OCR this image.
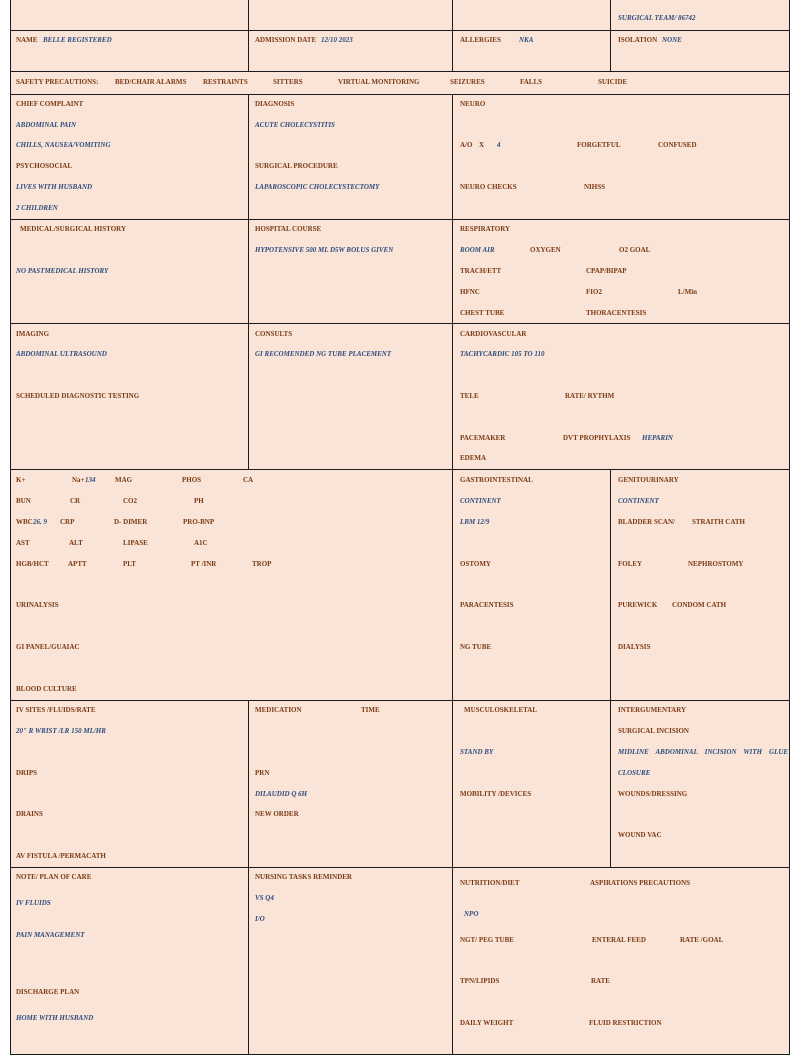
SURGICAL TEAM/ 86742
NAME BELLE REGISTERED	ADMISSION DATE 12/10 2023	ALLERGIES	NKA	ISOLATION NONE
SAFETY PRECAUTIONS: BED/CHAIR ALARMS RESTRAINTS	SITTERS	VIRTUAL MONITORING	SEIZURES	FALLS	SUICIDE
CHIEF COMPLAINT
ABDOMINAL PAIN
CHILLS, NAUSEA/VOMITING
PSYCHOSOCIAL
LIVES WITH HUSBAND
2 CHILDREN
DIAGNOSIS
ACUTE CHOLECYSTITIS
SURGICAL PROCEDURE
LAPAROSCOPIC CHOLECYSTECTOMY
NEURO
A/O X 4	FORGETFUL	CONFUSED
NEURO CHECKS	NIHSS
MEDICAL/SURGICAL HISTORY
NO PASTMEDICAL HISTORY
HOSPITAL COURSE
HYPOTENSIVE 500 ML D5W BOLUS GIVEN
RESPIRATORY
ROOM AIR	OXYGEN	O2 GOAL
TRACH/ETT	CPAP/BIPAP
HFNC	FIO2	L/Min
CHEST TUBE	THORACENTESIS
IMAGING
ABDOMINAL ULTRASOUND
SCHEDULED DIAGNOSTIC TESTING
CONSULTS
GI RECOMENDED NG TUBE PLACEMENT
CARDIOVASCULAR
TACHYCARDIC 105 TO 110
TELE	RATE/ RYTHM
PACEMAKER	DVT PROPHYLAXIS HEPARIN
EDEMA
K+	Na+ 134	MAG	PHOS	CA
BUN	CR	CO2	PH
WBC 26. 9 CRP	D- DIMER	PRO-BNP
AST	ALT	LIPASE	A1C
HGB/HCT	APTT	PLT	PT /INR	TROP
URINALYSIS
GI PANEL/GUAIAC
BLOOD CULTURE
GASTROINTESTINAL
CONTINENT
LBM 12/9
OSTOMY
PARACENTESIS
NG TUBE
GENITOURINARY
CONTINENT
BLADDER SCAN/ STRAITH CATH
FOLEY	NEPHROSTOMY
PUREWICK CONDOM CATH
DIALYSIS
IV SITES /FLUIDS/RATE
20" R WRIST /LR 150 ML/HR
DRIPS
DRAINS
AV FISTULA /PERMACATH
MEDICATION	TIME
PRN
DILAUDID Q 6H
NEW ORDER
MUSCULOSKELETAL
STAND BY
MOBILITY /DEVICES
INTERGUMENTARY
SURGICAL INCISION
MIDLINE    ABDOMINAL    INCISION    WITH    GLUE
CLOSURE
WOUNDS/DRESSING
WOUND VAC
NOTE/ PLAN OF CARE
IV FLUIDS
PAIN MANAGEMENT
DISCHARGE PLAN
HOME WITH HUSBAND
NURSING TASKS REMINDER
VS Q4
I/O
NUTRITION/DIET	ASPIRATIONS PRECAUTIONS
NPO
NGT/ PEG TUBE	ENTERAL FEED	RATE /GOAL
TPN/LIPIDS	RATE
DAILY WEIGHT	FLUID RESTRICTION
